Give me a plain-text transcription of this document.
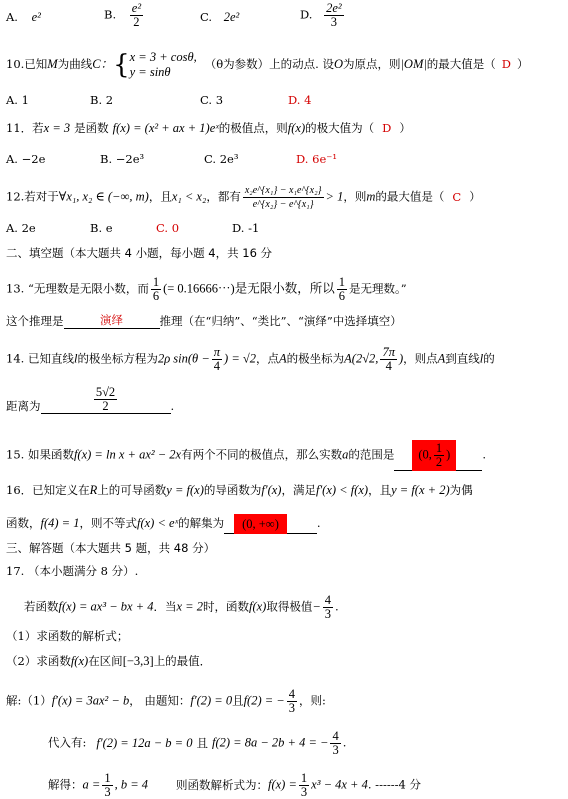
A. e²	B. $\frac{\text{e²}}{2}$	C. 2e²	D. $\frac{\text{2e²}}{3}$
10.已知M为曲线C：{ x = 3 + cosθ,
y = sinθ
（θ为参数）上的动点. 设O为原点，则|OM|的最大值是（ D ）
A. 1	B. 2	C. 3	D. 4
11．若x = 3 是函数 f(x) = (x² + ax + 1)eˣ的极值点，则f(x)的极大值为（ D ）
A. −2e	B. −2e³	C. 2e³	D. 6e⁻¹
12.若对于∀x₁, x₂ ∈ (−∞, m)，且x₁ < x₂，都有 $\frac{\text{x₂e\textasciicircum{}\{x₁\} − x₁e\textasciicircum{}\{x₂\}}}{\text{e\textasciicircum{}\{x₂\} − e\textasciicircum{}\{x₁\}}} > 1$，则m的最大值是（ C ）
A. 2e	B. e	C. 0	D. -1
二、填空题（本大题共 4 小题，每小题 4，共 16 分
13. “无理数是无限小数，而 $\frac{1}{6}$ (= 0.16666⋯)是无限小数，所以 $\frac{1}{6}$ 是无理数。”
这个推理是	演绎	推理（在“归纳”、“类比”、“演绎”中选择填空）
14. 已知直线l的极坐标方程为2ρ $\sin(\theta - \frac{\pi}{4}$ ) = √2，点A的极坐标为A(2√2, $\frac{7\pi}{4}$ )，则点A到直线l的
距离为	$\frac{5√2}{2}$	.
15. 如果函数f(x) = ln x + ax² − 2x有两个不同的极值点，那么实数a的范围是 (0, $\frac{1}{2}$ )	.
16．已知定义在R上的可导函数y = f(x)的导函数为f′(x)，满足f′(x) < f(x)，且y = f(x + 2)为偶
函数，f(4) = 1，则不等式f(x) < eˣ的解集为 (0, +∞)	.
三、解答题（本大题共 5 题，共 48 分）
17. （本小题满分 8 分）.
若函数f(x) = ax³ − bx + 4．当x = 2时，函数f(x)取得极值− $\frac{4}{3}$ .
（1）求函数的解析式；
（2）求函数f(x)在区间[−3,3]上的最值．
解:（1）f′(x) = 3ax² − b， 由题知：f′(2) = 0且f(2) = − $\frac{4}{3}$ ，则:
代入有: f′(2) = 12a − b = 0 且 f(2) = 8a − 2b + 4 = − $\frac{4}{3}$ .
解得：$a = \frac{1}{3}$ , b = 4 则函数解析式为：$f(x) = \frac{1}{3} x^3 - 4x + 4$. ------4 分
